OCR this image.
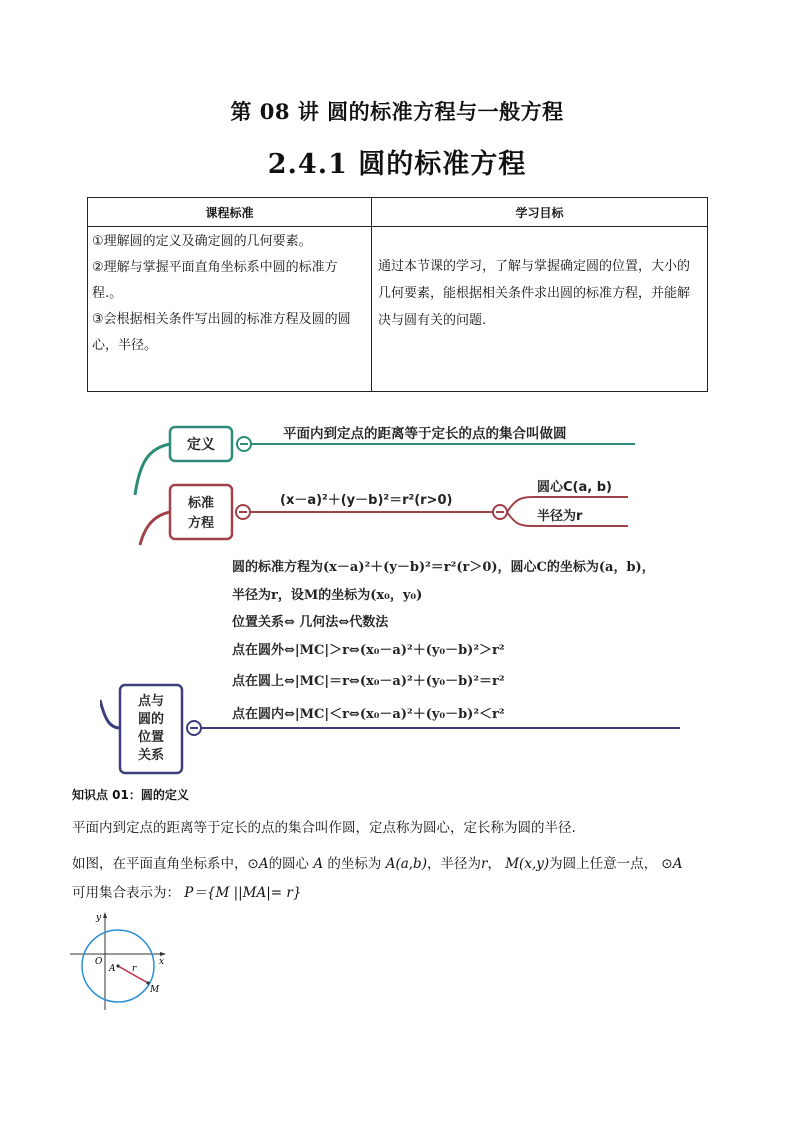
第 08 讲 圆的标准方程与一般方程
2.4.1 圆的标准方程
课程标准	学习目标

①理解圆的定义及确定圆的几何要素。
②理解与掌握平面直角坐标系中圆的标准方程.。
③会根据相关条件写出圆的标准方程及圆的圆心，半径。	通过本节课的学习，了解与掌握确定圆的位置，大小的几何要素，能根据相关条件求出圆的标准方程，并能解决与圆有关的问题.
定义
平面内到定点的距离等于定长的点的集合叫做圆
标准
方程
(x－a)²＋(y－b)²＝r²(r>0)
圆心C(a, b)
半径为r
圆的标准方程为(x－a)²＋(y－b)²＝r²(r＞0)，圆心C的坐标为(a，b)，
半径为r，设M的坐标为(x₀，y₀)
位置关系⇔ 几何法⇔代数法
点在圆外⇔|MC|＞r⇔(x₀－a)²＋(y₀－b)²＞r²
点在圆上⇔|MC|＝r⇔(x₀－a)²＋(y₀－b)²＝r²
点在圆内⇔|MC|＜r⇔(x₀－a)²＋(y₀－b)²＜r²
点与
圆的
位置
关系
知识点 01：圆的定义
平面内到定点的距离等于定长的点的集合叫作圆，定点称为圆心，定长称为圆的半径.
如图，在平面直角坐标系中，⊙A的圆心 A 的坐标为 A(a,b)，半径为r， M(x,y)为圆上任意一点， ⊙A
可用集合表示为： P＝{M ||MA|= r}
y
x
O
A r
M
